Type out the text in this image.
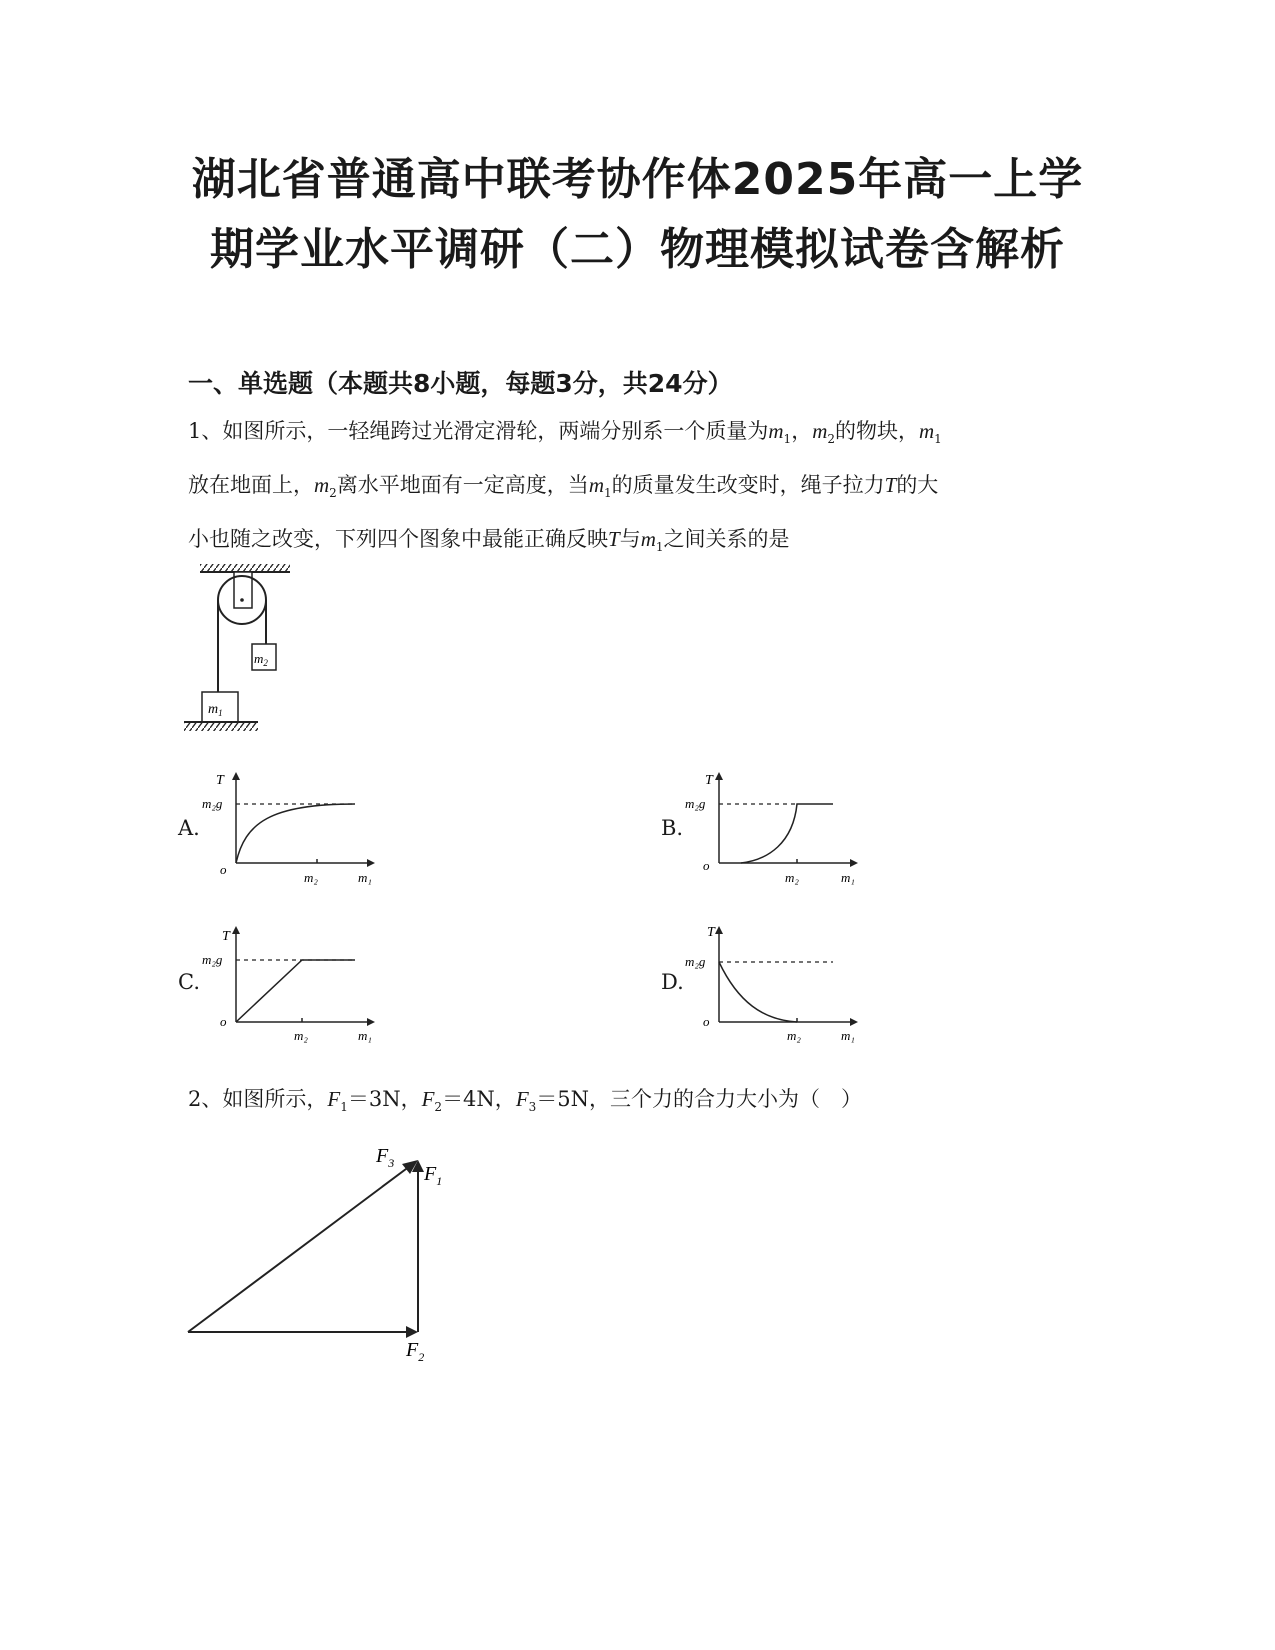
湖北省普通高中联考协作体2025年高一上学
期学业水平调研（二）物理模拟试卷含解析
一、单选题（本题共8小题，每题3分，共24分）
1、如图所示，一轻绳跨过光滑定滑轮，两端分别系一个质量为$m_1$，$m_2$的物块，$m_1$
放在地面上，$m_2$离水平地面有一定高度，当$m_1$的质量发生改变时，绳子拉力T的大
小也随之改变，下列四个图象中最能正确反映T与$m_1$之间关系的是
$m_2$
$m_1$
A.	B.
C.	D.
T
m₂g
o
m₂	m₁
T
m₂g
o
m₂	m₁
T
m₂g
o
m₂	m₁
T
m₂g
o
m₂	m₁
2、如图所示，$F_1=3N$，$F_2=4N$，$F_3=5N$，三个力的合力大小为（　）
$F_3$ $F_1$
$F_2$
